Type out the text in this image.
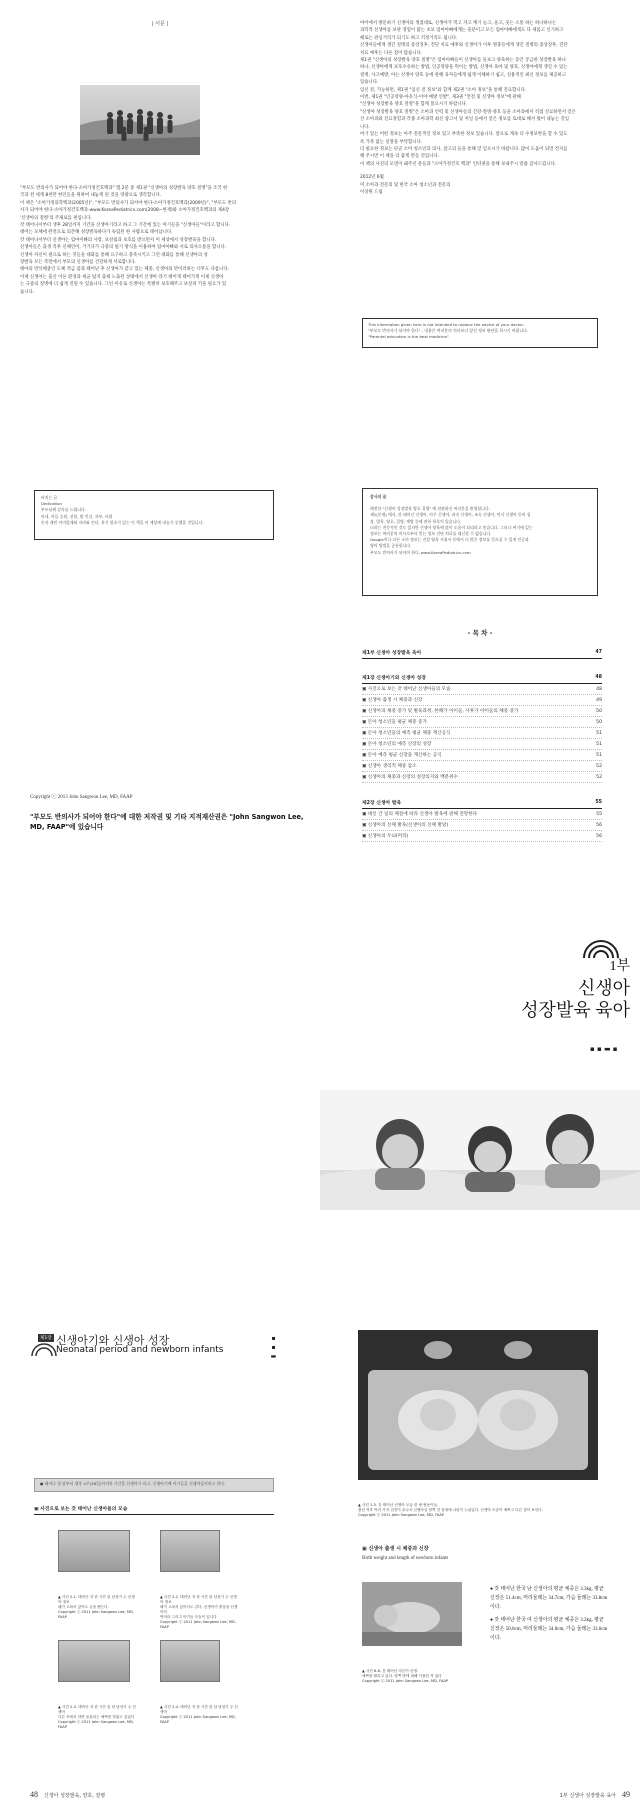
| 서문 |

"부모도 반의사가 되어야 한다-소아가정건호백과" 앱 2분 중 제1권 "신생아의 성장발육 양호 질병"을 조국 한

국과 전 세계 8천만 한인들을 위하여 내놓게 된 것을 영광으로 생각합니다.

이 책은 "소아가정의학백과(2005년)", "부모도 반의사가 되어야 한다-소아가정건호백과(2009년)", "부모도 반의

사가 되어야 한다-소아가정건호백과-www.KoreaPediatrics.com(2008~현재)와 소아가정건호백과의 제4장

'신생아의 질병'의 주제로를 편입니다.

갓 태어나서부터 생후 28일까지 기간을 신생아기라고 하고 그 기간에 있는 아기들을 "신생아들"이라고 합니다.

태어는 모체에 완전으로 의존해 성장발육하다가 독립된 한 사람으로 태어납니다.

갓 태어나서부터 신생아는 엄마이빠의 사랑, 보살핌과 보호를 받으면서 이 세상에서 성장발육을 합니다.

신생아들은 출생 직후 신체언어, 거기다가 극중의 필기 방식을 이용하여 엄마아빠와 서로 의사소통을 합니다.

신생아 자신이 필요로 하는 것들을 대화를 통해 요구하고 충족시키고 그런 대화를 통해 신생아의 성

장발육 모든 측면에서 부모의 신생아를 건강하게 서로합니다.

태아의 만삭체중인 도체 적금 갑과 태어난 후 신생아가 갖고 있는 체중, 신생아의 만이러하는 너무도 다릅니다.

이제 신생아는 출산 이른 환경과 세균 탐지 출세 노출된 상태에서 신생아 라기 태어게 태어가게 이제 신생아

는 극중의 질병에 더 쉽게 걸릴 수 있습니다. 그런 이유로 신생아는 특별히 보호해주고 보살펴 키울 필요가 있

습니다.

아이에서 방문하기 신생아의 생겼대로, 신생아가 먹고 자고 깨기 놀고, 울고, 웃는 소통 하는 하나하나는

과학적 신생아를 보관 경험이 많는 초보 엄마아빠에게는 울분이고 모든 엄마아빠에게도 다 새롭고 신기하고

때로는 관심거리가 되기도 하고 걱정거리도 됩니다.

신생아들에게 생긴 질병의 증상징후, 진단 치료 예후와 신생아가 이후 병충들에게 생긴 질병의 증상징후, 진단

치료 예후는 다른 점이 많습니다.

제1권 "신생아의 성장발육 양호 질병"은 엄마아빠들이 신생아를 돌보고 양육하는 동안 궁금한 성장발육 하나

하나, 신생아에게 보호수유하는 방법, 인공영양을 먹이는 방법, 신생아 육아 및 양호, 신생아에게 생길 수 있는

질병, 사고예방, 아는 신생아 양호 등에 관해 육자들에게 쉽게 이해하기 쉽고, 실용적인 최신 정보를 제공하고

있습니다.

임신 전, 가능하면, 제1권 "임신 전 정보"와 함께 제2권 "소아 정보"을 통해 진료합니다.

이번, 제1권 "인공영양-아유식-이야 예방 인발", 제3권 "안전 및 신생아 정보"에 관해

"신생아 성장발육 양호 질병"을 함께 읽으시기 바랍니다.

"신생아 성장발육 양호 질병"은 소아과 인력 및 신생아들의 건강·질병·양호 등을 소아과에서 직접 진료하면서 얻은

산 소아과와 진료경험과 각종 소아과학 최신 참고서 및 저널 등에서 얻은 정보를 토대로 해서 썼어 내놓는 것입

니다.

여기 있는 어떤 정보는 아주 전문적인 정보 있고 부족한 정보 있습니다. 앞으로 계속 더 수정보완을 할 수 있도

록 가족 없는 실망을 부탁합니다.

더 필요한 정보는 단골 소아 청소년과 의사, 참고의 등을 통해 얻 얻으시기 바랍니다. 많이 도움이 되면 진지를

해 주시면 이 책을 더 좋게 만들 것입니다.

이 책의 사진의 모델이 돼주신 분들과 "소아가정건호 백과" 인터넷을 통해 보내주시 말씀 감사드립니다.

2012년 6월

미 소아과 전문의 및 한국 소아 청소년과 전문의

이상원 드림

This information given here is not intended to replace the advice of your doctor.

"부모도 반의사가 되어야 한다" - 내용은 여러분의 의사보다 앞선 정보 판단을 하시기 바랍니다.

"Parental education is the best medicine"

바치는 글

Dedication

부모님께 감사를 드립니다.

아내, 아들 승원, 선원, 딸 인선, 자부, 사위

손자 재민 이이었제와 자라와 인녀, 홍기 함초가 있는 이 책을 이 세상에 내놓기 못했을 것입니다.

감사의 글

레전한 "신생아 성장발육 양호 질병" 에 참관하신 여러분을 환영합니다.

제1(문제) 에서, 갓 태어난 신생아, 아주 신생아, 과속 신생아, 조속 신생아, 만식 신생아 등의 성

장, 발육, 양호, 질병, 예방 등에 관한 항목이 있습니다.

더하는 전문적인 것도 있지만 신생아 양육에 많이 도움이 되리라고 믿습니다. 그러나 여기에 있는

정보는 여러분의 의사로부터 얻는 정보 진단 치료를 대신할 수 없습니다.

Google이나 다른 소의 정보는 건강 양육 지침서 등에서 더 많은 정보를 얻으실 수 있게 인글과

영어 방법을 공통합니다.

부모도 반의사가 되어야 한다–www.KoreaPediatrics.com

Copyright ⓒ 2013 John Sangwon Lee, MD, FAAP
"부모도 반의사가 되어야 한다"에 대한 저작권 및 기타 지적재산권은 "John Sangwon Lee, MD, FAAP"에 있습니다
- 목 차 -
제1부 신생아 성장발육 육아	47
제1장 신생아기와 신생아 성장	48
▣ 사진으로 보는 갓 태어난 신생아들의 모습	48
▣ 신생아 출생 시 체중과 신장	49
▣ 신생아의 체중 증가 및 발육과정, 한해가 아이들, 사후가 아이들의 체중 증가	50
▣ 돈아 청소년들 평균 체중 증가	50
▣ 돈아 청소년들의 예측 평균 체중 계산공식	51
▣ 돈아 청소년의 예측 신장의 성장	51
▣ 돈아 예측 평균 신장을 계산하는 공식	51
▣ 신생아 생리적 체중 감소	52
▣ 신생아의 체중과 신장의 성장의지와 백분위수	52
제2장 신생아 발육	55
▣ 대신 간 일의 체질에 따라 신생아 발육에 관해 전망한다	55
▣ 신생아의 신체 발육(신생아의 신체 발달)	56
▣ 신생아의 두뇌(머리)	56
1부
신생아
성장발육 육아
▪ ▪ ▬ ▪
제1장 신생아기와 신생아 성장
Neonatal period and newborn infants	▪ ▪ ▬

● 태어나 첫 달부터 생후 4주(28일)까지의 기간을 신생아기 라고, 신생아기에 아기들을 신생아들이라고 한다.

▣ 사진으로 보는 갓 태어난 신생아들의 모습

▲ 사진 2-1. 태어난 지 한 시간 된 남성기 주 신생아 정보
배가 고파서 앉아도 손을 뻗는다.
Copyright ⓒ 2011 John Sangwon Lee, MD, FAAP

▲ 사진 2-2. 태어난 지 한 시간 된 남성기 주 신생아 정보
배가 고파서 앉아서도 같다. 신생아가 졸음을 신생아의
먹어라 그리고 아기들 모습이 입니다
Copyright ⓒ 2011 John Sangwon Lee, MD, FAAP

▲ 사진 2-3. 태어난 지 한 시간 된 남 남성기 주 신생아
다른 속에서 하면 움움되는 예쁘를 하였고 있었다
Copyright ⓒ 2011 John Sangwon Lee, MD, FAAP

▲ 사진 2-4. 태어난 지 한 시간 된 남 남성기 주 신생아
Copyright ⓒ 2011 John Sangwon Lee, MD, FAAP

▲ 사진 1-5. 갓 태어난 신생아 모습 한 쌍 쌍둥이들.
출산 직후 여러 가지 검진이 끝나서 신생아실 양쪽 갓 침대에 나란히 누워있다. 신생아 모습이 예쁘고 다른 점이 보인다.
Copyright ⓒ 2011 John Sangwon Lee, MD, FAAP

▣ 신생아 출생 시 체중과 신장
Birth weight and length of newborn infants

▲ 사진 6-6. 갓 태어난 다른이 신생.
예쁘를 때리고 있다. 양쪽 발에 대해 사용한 적 있다
Copyright ⓒ 2011 John Sangwon Lee, MD, FAAP

● 갓 태어난 한국 남 신생아의 평균 체중은 3.3kg, 평균 신장은 51.4cm, 머리둘레는 34.7cm, 가슴 둘레는 33.8cm이다.

● 갓 태어난 한국 여 신생아의 평균 체중은 3.2kg, 평균 신장은 50.6cm, 머리둘레는 34.0cm, 가슴 둘레는 33.6cm이다.

48 신생아 성장발육, 양호, 질병	1부 신생아 성장발육 육아 49
